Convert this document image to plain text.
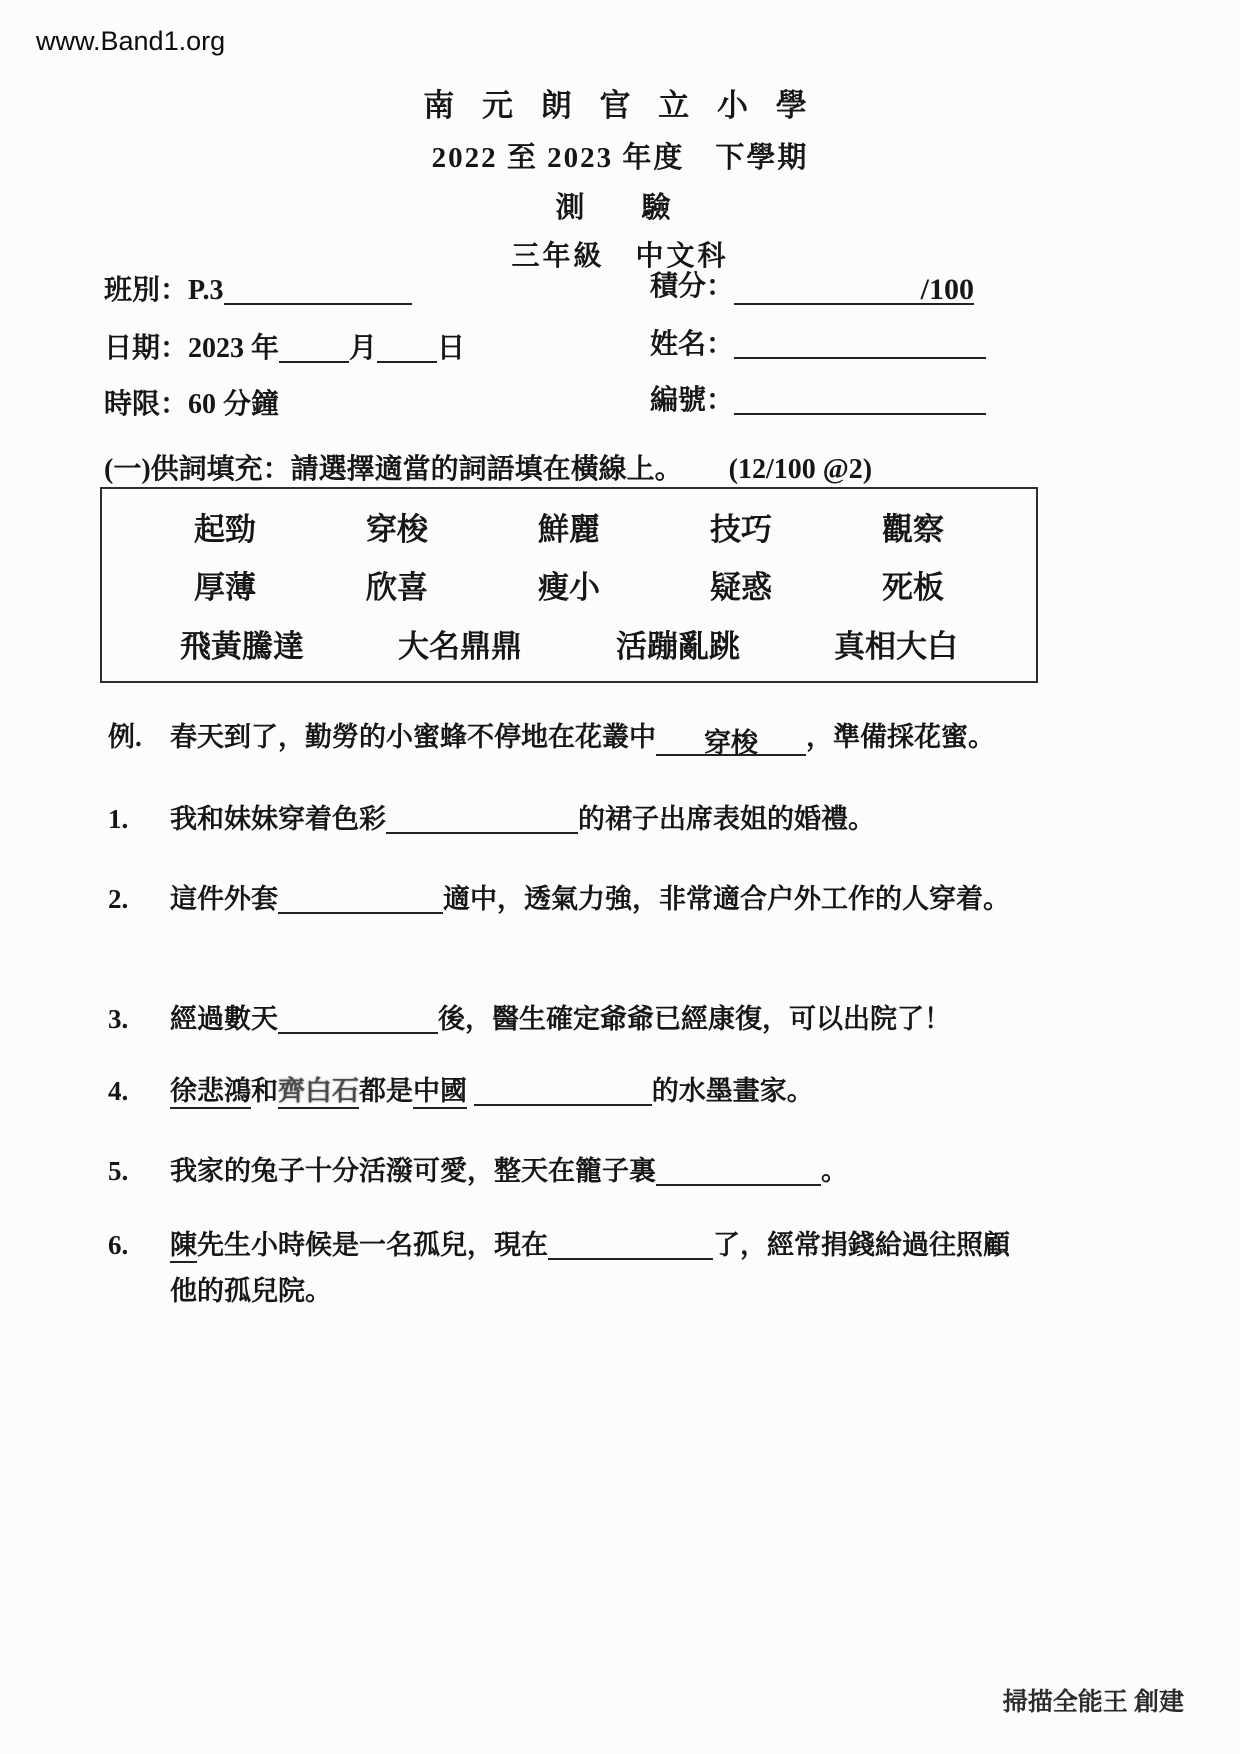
www.Band1.org
南 元 朗 官 立 小 學
2022 至 2023 年度　下學期
測　驗
三年級　中文科
班別：P.3
日期：2023 年	月 日
時限：60 分鐘
積分：	/100
姓名：
編號：
(一)供詞填充：請選擇適當的詞語填在橫線上。 (12/100 @2)
起勁	穿梭	鮮麗	技巧	觀察
厚薄	欣喜	瘦小	疑惑	死板
飛黃騰達	大名鼎鼎	活蹦亂跳	真相大白
例.	春天到了，勤勞的小蜜蜂不停地在花叢中 穿梭 ，準備採花蜜。
1.	我和妹妹穿着色彩	的裙子出席表姐的婚禮。
2.	這件外套	適中，透氣力強，非常適合户外工作的人穿着。
3.	經過數天	後，醫生確定爺爺已經康復，可以出院了！
4.	徐悲鴻和齊白石都是中國	的水墨畫家。
5.	我家的兔子十分活潑可愛，整天在籠子裏	。
6.	陳先生小時候是一名孤兒，現在	了，經常捐錢給過往照顧他的孤兒院。
掃描全能王 創建
